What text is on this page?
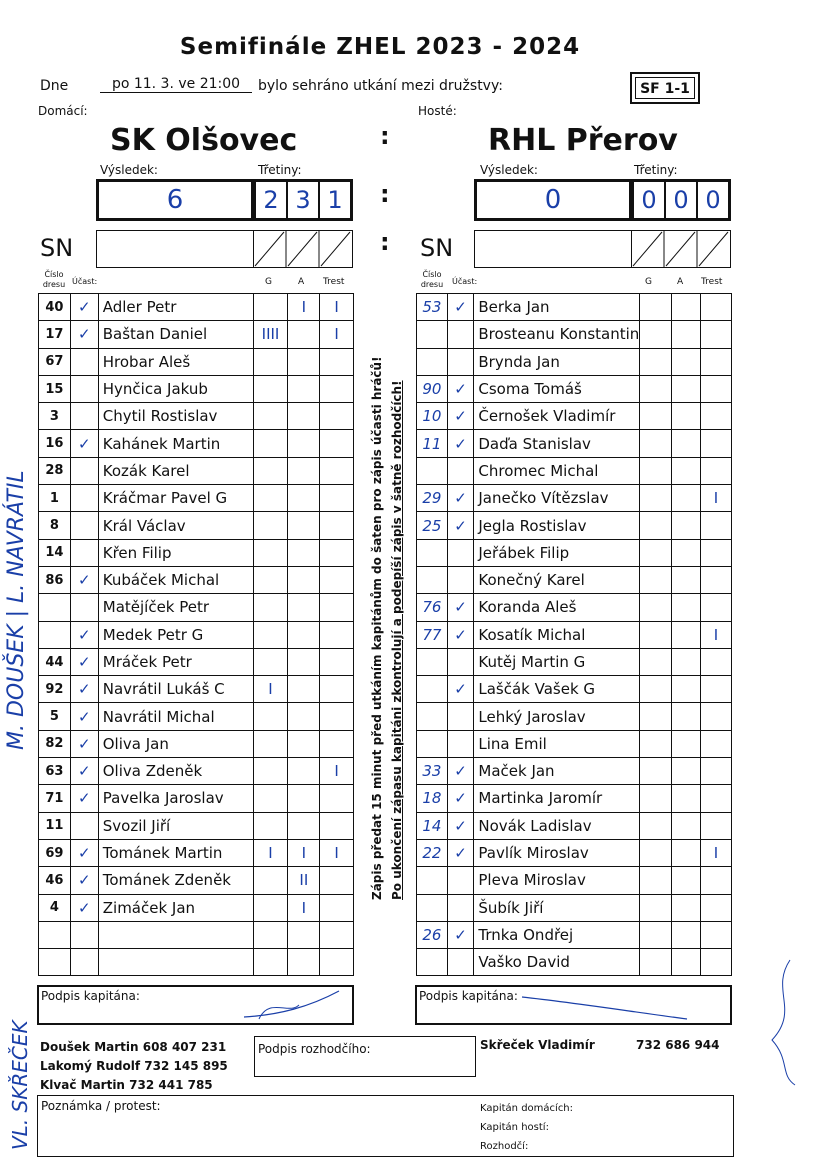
Semifinále ZHEL 2023 - 2024
Dne	po 11. 3. ve 21:00	bylo sehráno utkání mezi družstvy:	SF 1-1
Domácí:	Hosté:
SK Olšovec	RHL Přerov
:
:
:
Výsledek:	Třetiny:	Výsledek:	Třetiny:
6	2 3 1	0	0 0 0
SN	SN
Číslo dresu Účast:	G	A Trest
Číslo dresu	Účast:	G	A Trest
40	✓	Adler Petr		I	I
17	✓	Baštan Daniel	IIII		I
67		Hrobar Aleš			
15		Hynčica Jakub			
3		Chytil Rostislav			
16	✓	Kahánek Martin			
28		Kozák Karel			
1		Kráčmar Pavel G			
8		Král Václav			
14		Křen Filip			
86	✓	Kubáček Michal			
		Matějíček Petr			
	✓	Medek Petr G			
44	✓	Mráček Petr			
92	✓	Navrátil Lukáš C	I		
5	✓	Navrátil Michal			
82	✓	Oliva Jan			
63	✓	Oliva Zdeněk			I
71	✓	Pavelka Jaroslav			
11		Svozil Jiří			
69	✓	Tománek Martin	I	I	I
46	✓	Tománek Zdeněk		II	
4	✓	Zimáček Jan		I	

53	✓	Berka Jan			
		Brosteanu Konstantin			
		Brynda Jan			
90	✓	Csoma Tomáš			
10	✓	Černošek Vladimír			
11	✓	Daďa Stanislav			
		Chromec Michal			
29	✓	Janečko Vítězslav			I
25	✓	Jegla Rostislav			
		Jeřábek Filip			
		Konečný Karel			
76	✓	Koranda Aleš			
77	✓	Kosatík Michal			I
		Kutěj Martin G			
	✓	Laščák Vašek G			
		Lehký Jaroslav			
		Lina Emil			
33	✓	Maček Jan			
18	✓	Martinka Jaromír			
14	✓	Novák Ladislav			
22	✓	Pavlík Miroslav			I
		Pleva Miroslav			
		Šubík Jiří			
26	✓	Trnka Ondřej			
		Vaško David			
Zápis předat 15 minut před utkáním kapitánům do šaten pro zápis účasti hráčů! Po ukončení zápasu kapitáni zkontrolují a podepíší zápis v šatně rozhodčích!
M. DOUŠEK | L. NAVRÁTIL
VL. SKŘEČEK
Podpis kapitána:	Podpis kapitána:
Doušek Martin 608 407 231
Lakomý Rudolf 732 145 895
Klvač Martin 732 441 785
Podpis rozhodčího:	Skřeček Vladimír	732 686 944
Poznámka / protest:	Kapitán domácích:
Kapitán hostí:
Rozhodčí:
